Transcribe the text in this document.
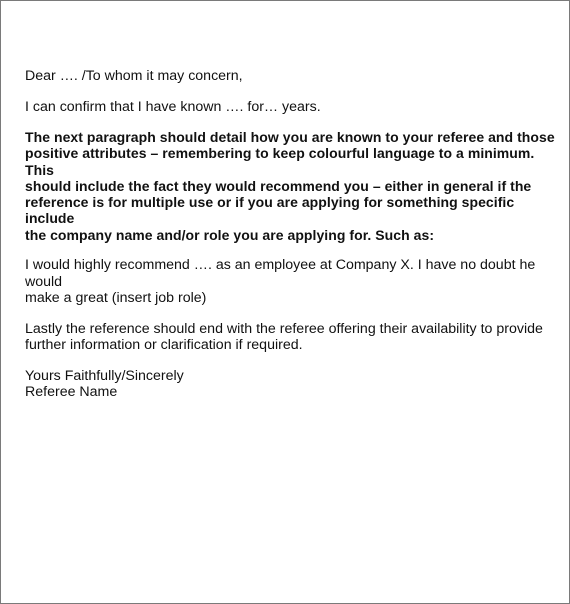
Dear …. /To whom it may concern,

I can confirm that I have known …. for… years.

The next paragraph should detail how you are known to your referee and those
positive attributes – remembering to keep colourful language to a minimum. This
should include the fact they would recommend you – either in general if the
reference is for multiple use or if you are applying for something specific include
the company name and/or role you are applying for. Such as:

I would highly recommend …. as an employee at Company X. I have no doubt he would
make a great (insert job role)

Lastly the reference should end with the referee offering their availability to provide
further information or clarification if required.

Yours Faithfully/Sincerely
Referee Name
